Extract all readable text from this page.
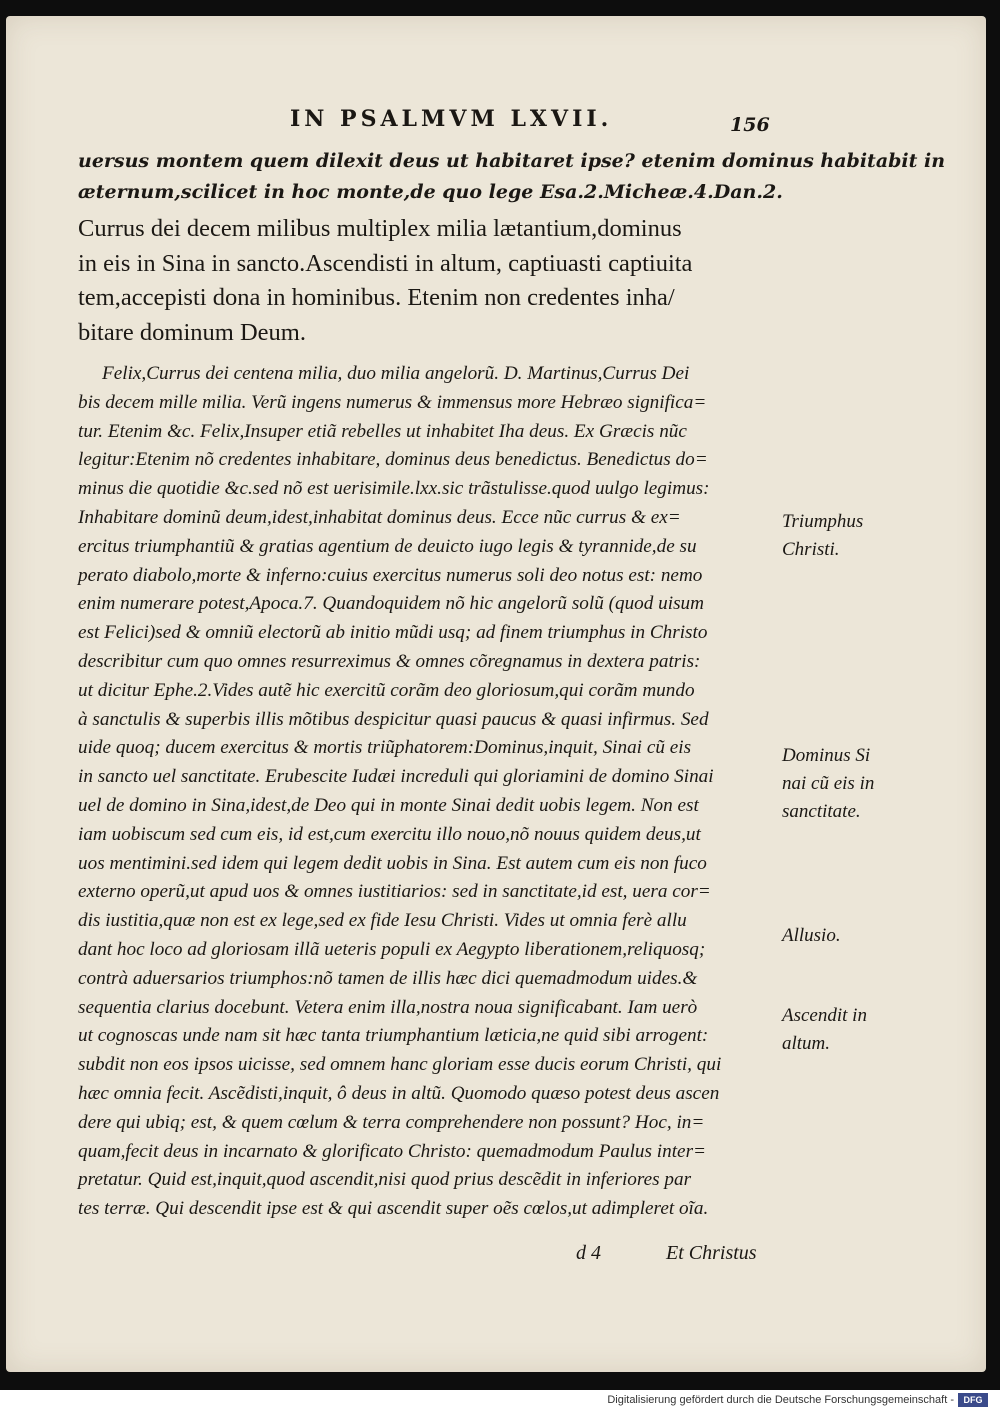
IN PSALMVM LXVII.	156
uersus montem quem dilexit deus ut habitaret ipse? etenim dominus habitabit in
æternum,scilicet in hoc monte,de quo lege Esa.2.Micheæ.4.Dan.2.
Currus dei decem milibus multiplex milia lætantium,dominus
in eis in Sina in sancto.Ascendisti in altum, captiuasti captiuita
tem,accepisti dona in hominibus. Etenim non credentes inha/
bitare dominum Deum.
Felix,Currus dei centena milia, duo milia angelorũ. D. Martinus,Currus Dei
bis decem mille milia. Verũ ingens numerus & immensus more Hebræo significa=
tur. Etenim &c. Felix,Insuper etiã rebelles ut inhabitet Iha deus. Ex Græcis nũc
legitur:Etenim nõ credentes inhabitare, dominus deus benedictus. Benedictus do=
minus die quotidie &c.sed nõ est uerisimile.lxx.sic trãstulisse.quod uulgo legimus:
Inhabitare dominũ deum,idest,inhabitat dominus deus. Ecce nũc currus & ex=
ercitus triumphantiũ & gratias agentium de deuicto iugo legis & tyrannide,de su
perato diabolo,morte & inferno:cuius exercitus numerus soli deo notus est: nemo
enim numerare potest,Apoca.7. Quandoquidem nõ hic angelorũ solũ (quod uisum
est Felici)sed & omniũ electorũ ab initio mũdi usq; ad finem triumphus in Christo
describitur cum quo omnes resurreximus & omnes cõregnamus in dextera patris:
ut dicitur Ephe.2.Vides autẽ hic exercitũ corãm deo gloriosum,qui corãm mundo
à sanctulis & superbis illis mõtibus despicitur quasi paucus & quasi infirmus. Sed
uide quoq; ducem exercitus & mortis triũphatorem:Dominus,inquit, Sinai cũ eis
in sancto uel sanctitate. Erubescite Iudæi increduli qui gloriamini de domino Sinai
uel de domino in Sina,idest,de Deo qui in monte Sinai dedit uobis legem. Non est
iam uobiscum sed cum eis, id est,cum exercitu illo nouo,nõ nouus quidem deus,ut
uos mentimini.sed idem qui legem dedit uobis in Sina. Est autem cum eis non fuco
externo operũ,ut apud uos & omnes iustitiarios: sed in sanctitate,id est, uera cor=
dis iustitia,quæ non est ex lege,sed ex fide Iesu Christi. Vides ut omnia ferè allu
dant hoc loco ad gloriosam illã ueteris populi ex Aegypto liberationem,reliquosq;
contrà aduersarios triumphos:nõ tamen de illis hæc dici quemadmodum uides.&
sequentia clarius docebunt. Vetera enim illa,nostra noua significabant. Iam uerò
ut cognoscas unde nam sit hæc tanta triumphantium læticia,ne quid sibi arrogent:
subdit non eos ipsos uicisse, sed omnem hanc gloriam esse ducis eorum Christi, qui
hæc omnia fecit. Ascẽdisti,inquit, ô deus in altũ. Quomodo quæso potest deus ascen
dere qui ubiq; est, & quem cœlum & terra comprehendere non possunt? Hoc, in=
quam,fecit deus in incarnato & glorificato Christo: quemadmodum Paulus inter=
pretatur. Quid est,inquit,quod ascendit,nisi quod prius descẽdit in inferiores par
tes terræ. Qui descendit ipse est & qui ascendit super oẽs cœlos,ut adimpleret oĩa.
Triumphus
Christi.
Dominus Si
nai cũ eis in
sanctitate.
Allusio.
Ascendit in
altum.
d 4	Et Christus
Digitalisierung gefördert durch die Deutsche Forschungsgemeinschaft -	DFG
